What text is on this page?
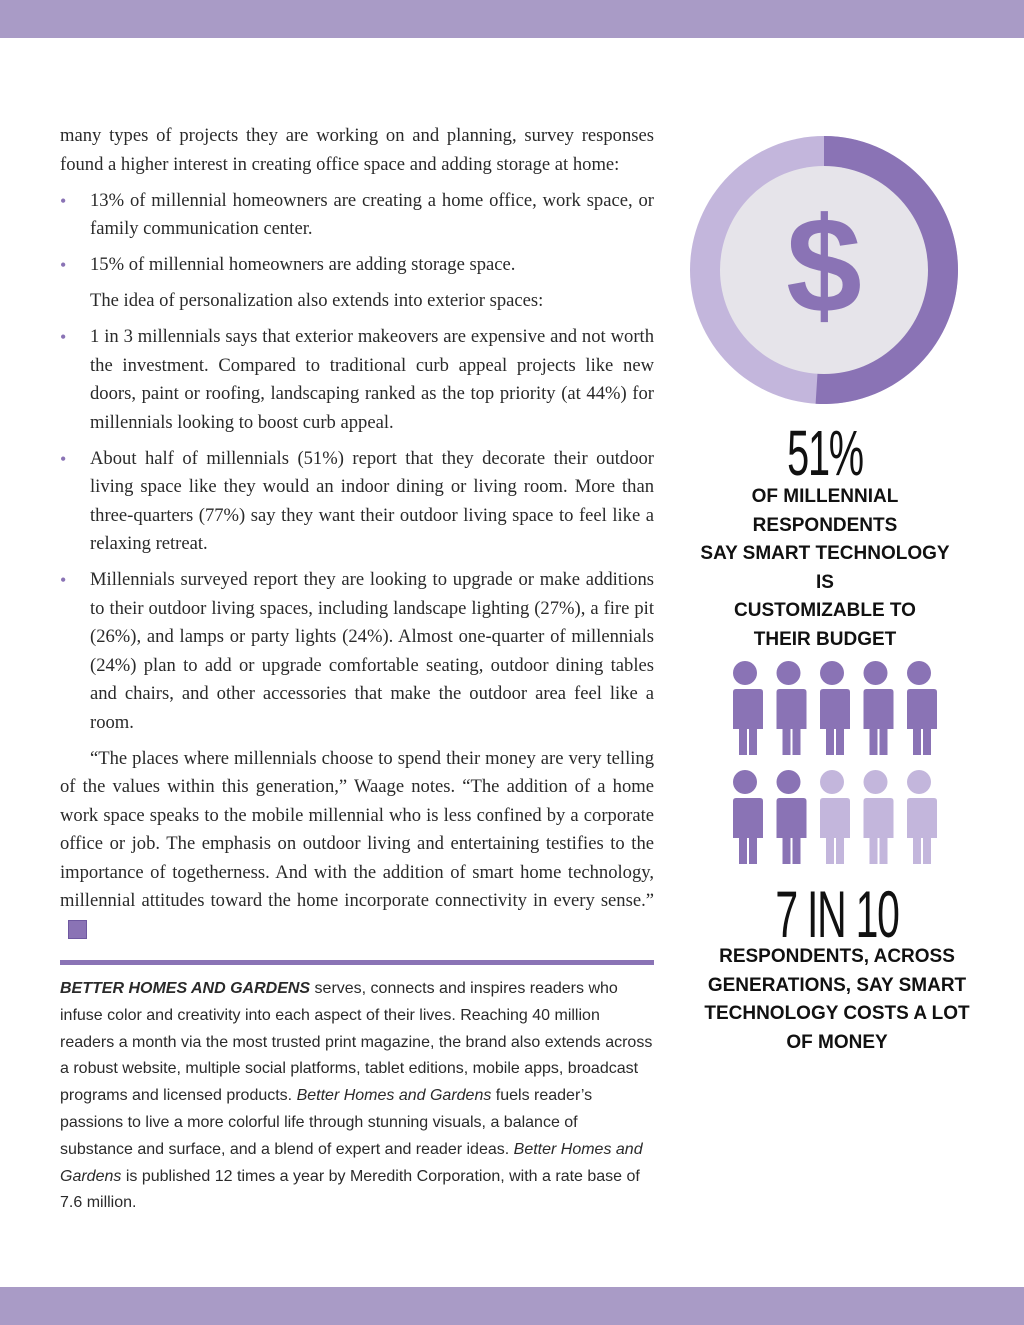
many types of projects they are working on and planning, survey responses found a higher interest in creating office space and adding storage at home:

• 13% of millennial homeowners are creating a home office, work space, or family communication center.
• 15% of millennial homeowners are adding storage space.

The idea of personalization also extends into exterior spaces:

• 1 in 3 millennials says that exterior makeovers are expensive and not worth the investment. Compared to traditional curb appeal projects like new doors, paint or roofing, landscaping ranked as the top priority (at 44%) for millennials looking to boost curb appeal.
• About half of millennials (51%) report that they decorate their outdoor living space like they would an indoor dining or living room. More than three-quarters (77%) say they want their outdoor living space to feel like a relaxing retreat.
• Millennials surveyed report they are looking to upgrade or make additions to their outdoor living spaces, including landscape lighting (27%), a fire pit (26%), and lamps or party lights (24%). Almost one-quarter of millennials (24%) plan to add or upgrade comfortable seating, outdoor dining tables and chairs, and other accessories that make the outdoor area feel like a room.

“The places where millennials choose to spend their money are very telling of the values within this generation,” Waage notes. “The addition of a home work space speaks to the mobile millennial who is less confined by a corporate office or job. The emphasis on outdoor living and entertaining testifies to the importance of togetherness. And with the addition of smart home technology, millennial attitudes toward the home incorporate connectivity in every sense.”B

BETTER HOMES AND GARDENS serves, connects and inspires readers who infuse color and creativity into each aspect of their lives. Reaching 40 million readers a month via the most trusted print magazine, the brand also extends across a robust website, multiple social platforms, tablet editions, mobile apps, broadcast programs and licensed products. Better Homes and Gardens fuels reader’s passions to live a more colorful life through stunning visuals, a balance of substance and surface, and a blend of expert and reader ideas. Better Homes and Gardens is published 12 times a year by Meredith Corporation, with a rate base of 7.6 million.

$
51%
OF MILLENNIAL RESPONDENTS
SAY SMART TECHNOLOGY IS
CUSTOMIZABLE TO
THEIR BUDGET
7 IN 10
RESPONDENTS, ACROSS
GENERATIONS, SAY SMART
TECHNOLOGY COSTS A LOT
OF MONEY
